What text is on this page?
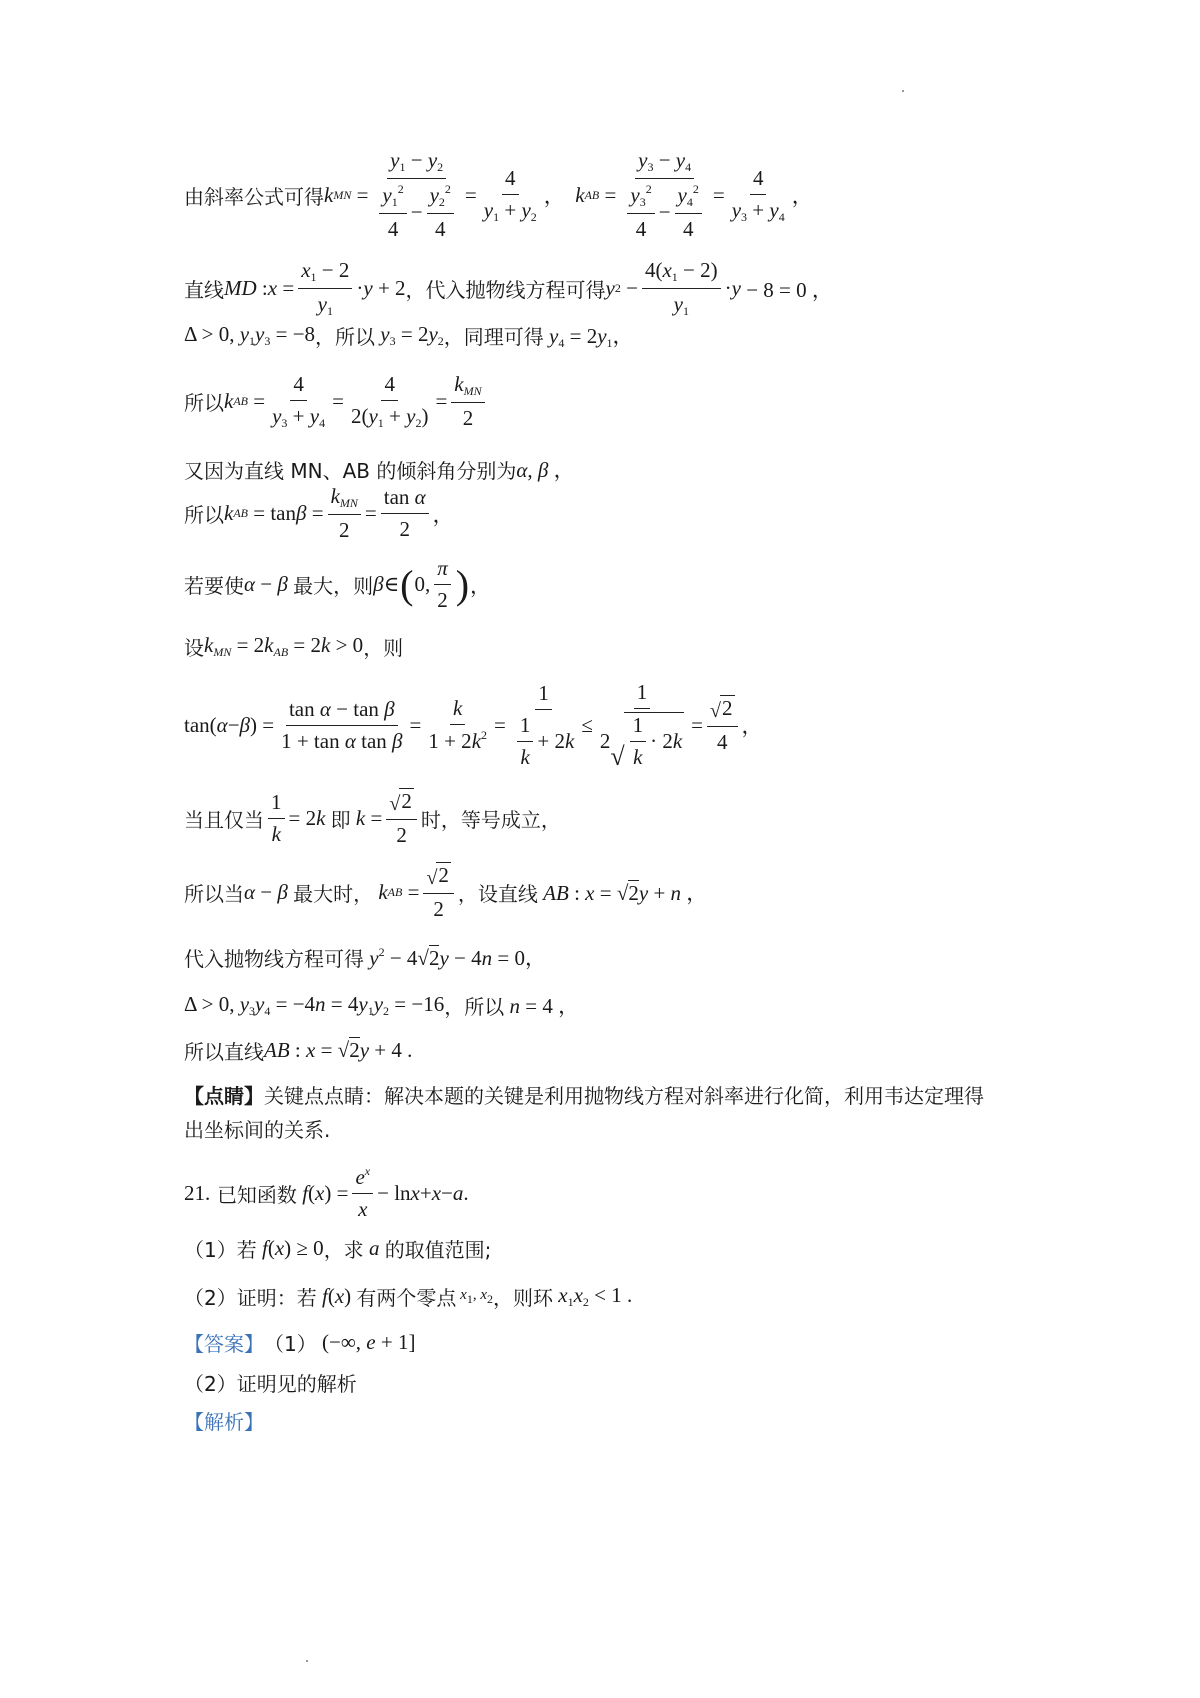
由斜率公式可得 k MN = $\frac{y_1 - y_2}{\frac{y_1^2}{4} - \frac{y_2^2}{4}} = \frac{4}{y_1 + y_2}$ ， k AB = $\frac{y_3 - y_4}{\frac{y_3^2}{4} - \frac{y_4^2}{4}} = \frac{4}{y_3 + y_4}$ ，
直线 MD : $x = \frac{x_1 - 2}{y_1} \cdot y + 2$ ，代入抛物线方程可得 y $2 - \frac{4(x_1 - 2)}{y_1} \cdot y - 8 = 0$ ，
Δ > 0, $y_1y_3 = -8$ ，所以 $y_3 = 2y_2$ ，同理可得 $y_4 = 2y_1$，
所以 k AB = $\frac{4}{y_3 + y_4} = \frac{4}{2(y_1 + y_2)} = \frac{k_{MN}}{2}$
又因为直线 MN、AB 的倾斜角分别为 α, β ，
所以 k AB = $\tan \beta = \frac{k_{MN}}{2} = \frac{\text{tan α}}{2}$ ，
若要使 α − β 最大，则 β ∈ ( 0, $\frac{\pi}{2}$ ) ，
设 $k_{MN} = 2k_{AB} = 2k > 0$ ，则
tan( α − β ) = $\frac{\text{tan α − tan β}}{\text{1 + tan α tan β}} = \frac{k}{1 + 2k^2} = \frac{1}{\frac{1}{k} + 2 k} \le 1$
2
√ $\frac{1}{k} \cdot 2$ $k = \frac{√ 2}{4}$ ，
当且仅当 $\frac{1}{k} = 2$ k
即
$k = \frac{√ 2}{2}$ 时，等号成立，
所以当 α − β 最大时，
k AB = $\frac{√ 2}{2}$ ，设直线 AB : x = √2y + n ，
代入抛物线方程可得 $y^2 - 4√2y - 4n = 0$，
Δ > 0, $y_3y_4 = -4n = 4y_1y_2 = -16$ ，所以 n = 4 ，
所以直线 AB : x = √2y + 4 .
【点睛】 关键点点睛：解决本题的关键是利用抛物线方程对斜率进行化简，利用韦达定理得
出坐标间的关系.
21.
已知函数
f ( x ) = $\frac{e^x}{x} - \ln x + x - a$ .
（1）若 f(x) ≥ 0 ，求 a 的取值范围;
（2）证明：若 f(x) 有两个零点 $x_1$, $x_2$ ，则环 $x_1x_2 < 1$ .
【答案】 （1） (−∞, e + 1]
（2）证明见的解析
【解析】
